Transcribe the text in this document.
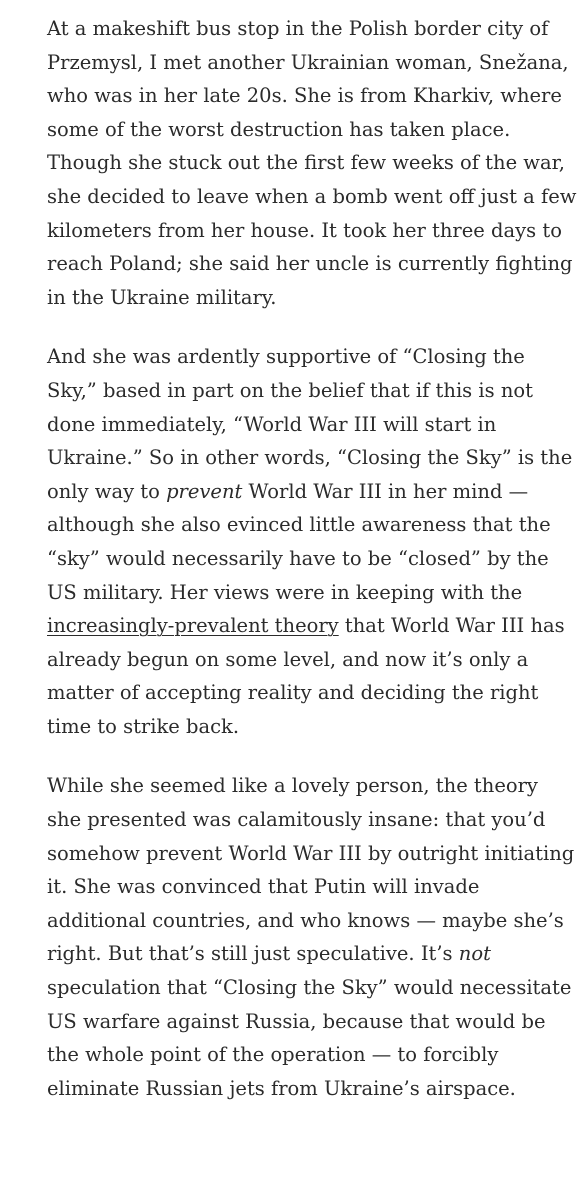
At a makeshift bus stop in the Polish border city of Przemysl, I met another Ukrainian woman, Snežana, who was in her late 20s. She is from Kharkiv, where some of the worst destruction has taken place. Though she stuck out the first few weeks of the war, she decided to leave when a bomb went off just a few kilometers from her house. It took her three days to reach Poland; she said her uncle is currently fighting in the Ukraine military.

And she was ardently supportive of “Closing the Sky,” based in part on the belief that if this is not done immediately, “World War III will start in Ukraine.” So in other words, “Closing the Sky” is the only way to prevent World War III in her mind — although she also evinced little awareness that the “sky” would necessarily have to be “closed” by the US military. Her views were in keeping with the increasingly-prevalent theory that World War III has already begun on some level, and now it’s only a matter of accepting reality and deciding the right time to strike back.

While she seemed like a lovely person, the theory she presented was calamitously insane: that you’d somehow prevent World War III by outright initiating it. She was convinced that Putin will invade additional countries, and who knows — maybe she’s right. But that’s still just speculative. It’s not speculation that “Closing the Sky” would necessitate US warfare against Russia, because that would be the whole point of the operation — to forcibly eliminate Russian jets from Ukraine’s airspace.
